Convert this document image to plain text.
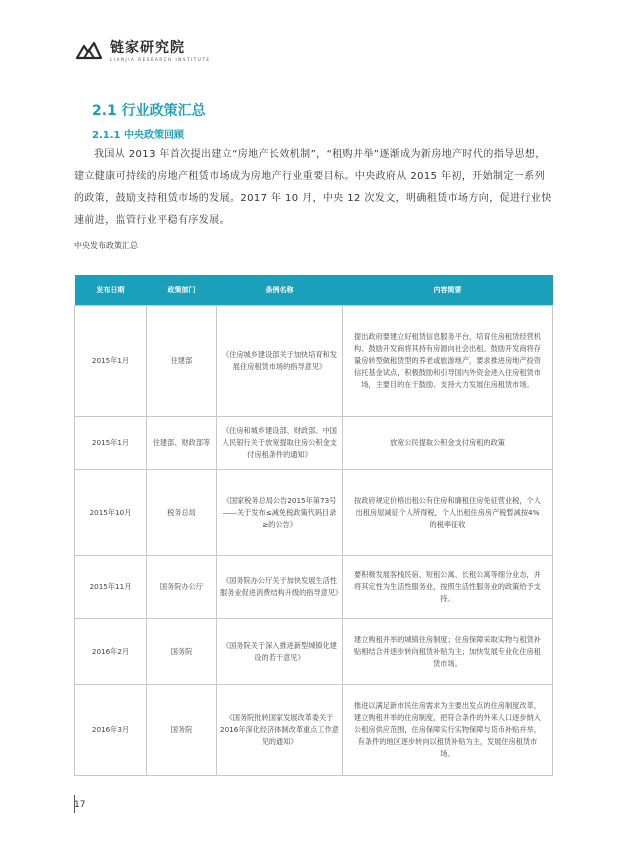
链家研究院
LIANJIA RESEARCH INSTITUTE
2.1 行业政策汇总
2.1.1 中央政策回顾
我国从 2013 年首次提出建立“房地产长效机制”，“租购并举”逐渐成为新房地产时代的指导思想，建立健康可持续的房地产租赁市场成为房地产行业重要目标。中央政府从 2015 年初，开始制定一系列的政策，鼓励支持租赁市场的发展。2017 年 10 月，中央 12 次发文，明确租赁市场方向，促进行业快速前进，监管行业平稳有序发展。
中央发布政策汇总
发布日期	政策部门	条例名称	内容简要
2015年1月	住建部	《住房城乡建设部关于加快培育和发展住房租赁市场的指导意见》	提出政府要建立好租赁信息服务平台，培育住房租赁经营机构、鼓励开发商将其持有房源向社会出租、鼓励开发商将存量房转型做租赁型的养老或旅游地产，要求推进房地产投资信托基金试点，积极鼓励和引导国内外资金进入住房租赁市场，主要目的在于鼓励、支持大力发展住房租赁市场。
2015年1月	住建部、财政部等	《住房和城乡建设部、财政部、中国人民银行关于放宽提取住房公积金支付房租条件的通知》	放宽公民提取公积金支付房租的政策
2015年10月	税务总局	《国家税务总局公告2015年第73号——关于发布≤减免税政策代码目录≥的公告》	按政府规定价格出租公有住房和廉租住房免征营业税，个人出租房屋减征个人所得税，个人出租住房房产税暂减按4%的税率征收
2015年11月	国务院办公厅	《国务院办公厅关于加快发展生活性服务业促进消费结构升级的指导意见》	要积极发展客栈民宿、短租公寓、长租公寓等细分业态，并将其定性为生活性服务业，按照生活性服务业的政策给予支持。
2016年2月	国务院	《国务院关于深入推进新型城镇化建设的若干意见》	建立购租并举的城镇住房制度；住房保障采取实物与租赁补贴相结合并逐步转向租赁补贴为主；加快发展专业化住房租赁市场。
2016年3月	国务院	《国务院批转国家发展改革委关于2016年深化经济体制改革重点工作意见的通知》	推进以满足新市民住房需求为主要出发点的住房制度改革，建立购租并举的住房制度，把符合条件的外来人口逐步纳入公租房供应范围，住房保障实行实物保障与货币补贴并举，有条件的地区逐步转向以租赁补贴为主，发展住房租赁市场。
17
